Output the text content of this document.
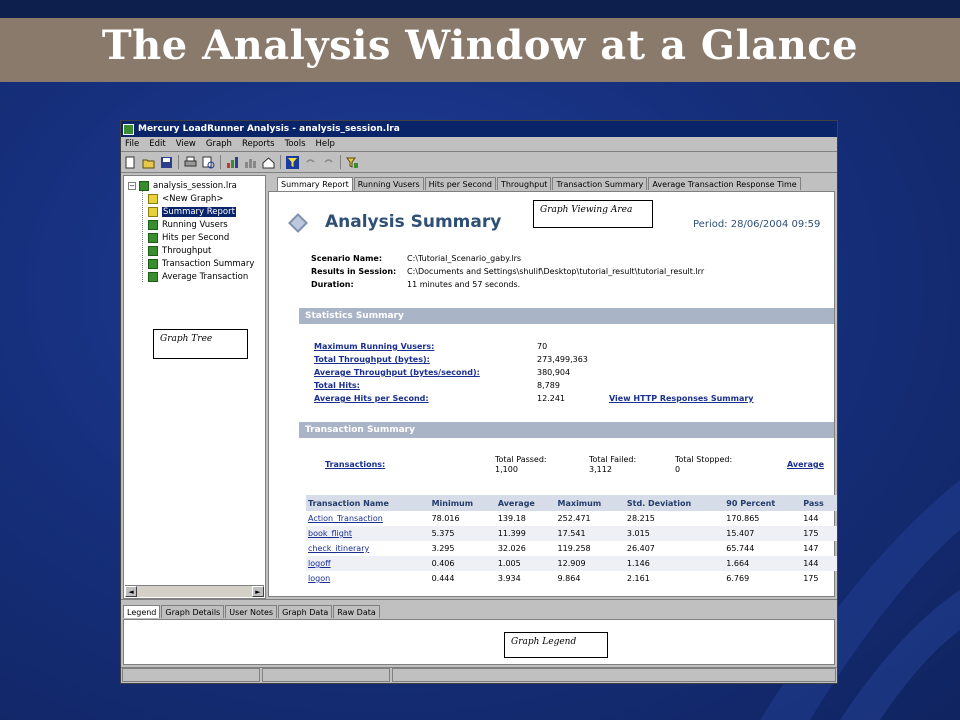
The Analysis Window at a Glance
Mercury LoadRunner Analysis - analysis_session.lra
File Edit View Graph Reports Tools Help
− analysis_session.lra
<New Graph>
Summary Report
Running Vusers
Hits per Second
Throughput
Transaction Summary
Average Transaction
◄	►
Graph Tree
Summary Report	Running Vusers	Hits per Second	Throughput	Transaction Summary	Average Transaction Response Time
Analysis Summary
Graph Viewing Area
Period: 28/06/2004 09:59
Scenario Name:	C:\Tutorial_Scenario_gaby.lrs
Results in Session: C:\Documents and Settings\shulif\Desktop\tutorial_result\tutorial_result.lrr
Duration:	11 minutes and 57 seconds.
Statistics Summary
Maximum Running Vusers:	70
Total Throughput (bytes):	273,499,363
Average Throughput (bytes/second):	380,904
Total Hits:	8,789
Average Hits per Second:	12.241	View HTTP Responses Summary
Transaction Summary
Transactions:
Total Passed:
1,100
Total Failed:
3,112
Total Stopped:
0
Average
Transaction Name	Minimum	Average	Maximum	Std. Deviation	90 Percent	Pass
Action_Transaction	78.016	139.18	252.471	28.215	170.865	144
book_flight	5.375	11.399	17.541	3.015	15.407	175
check_itinerary	3.295	32.026	119.258	26.407	65.744	147
logoff	0.406	1.005	12.909	1.146	1.664	144
logon	0.444	3.934	9.864	2.161	6.769	175
Legend	Graph Details	User Notes	Graph Data	Raw Data
Graph Legend
